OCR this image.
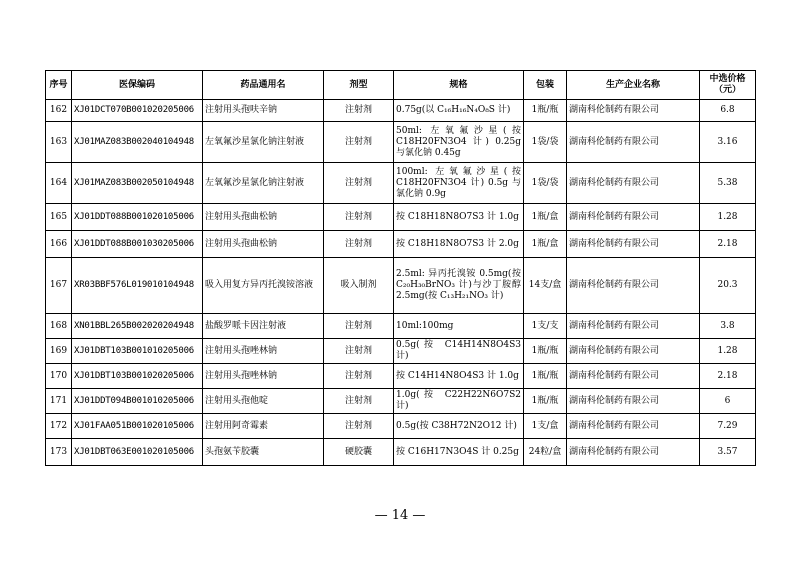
序号	医保编码	药品通用名	剂型	规格	包装	生产企业名称	中选价格（元）
162	XJ01DCT070B001020205006	注射用头孢呋辛钠	注射剂	0.75g(以 C₁₆H₁₆N₄O₈S 计)	1瓶/瓶	湖南科伦制药有限公司	6.8
163	XJ01MAZ083B002040104948	左氧氟沙星氯化钠注射液	注射剂	50ml: 左氧氟沙星(按C18H20FN3O4 计) 0.25g 与氯化钠 0.45g	1袋/袋	湖南科伦制药有限公司	3.16
164	XJ01MAZ083B002050104948	左氧氟沙星氯化钠注射液	注射剂	100ml: 左氧氟沙星(按C18H20FN3O4 计) 0.5g 与氯化钠 0.9g	1袋/袋	湖南科伦制药有限公司	5.38
165	XJ01DDT088B001020105006	注射用头孢曲松钠	注射剂	按 C18H18N8O7S3 计 1.0g	1瓶/盒	湖南科伦制药有限公司	1.28
166	XJ01DDT088B001030205006	注射用头孢曲松钠	注射剂	按 C18H18N8O7S3 计 2.0g	1瓶/盒	湖南科伦制药有限公司	2.18
167	XR03BBF576L019010104948	吸入用复方异丙托溴铵溶液	吸入制剂	2.5ml: 异丙托溴铵 0.5mg(按 C₂₀H₃₀BrNO₃ 计)与沙丁胺醇 2.5mg(按 C₁₃H₂₁NO₃ 计)	14支/盒	湖南科伦制药有限公司	20.3
168	XN01BBL265B002020204948	盐酸罗哌卡因注射液	注射剂	10ml:100mg	1支/支	湖南科伦制药有限公司	3.8
169	XJ01DBT103B001010205006	注射用头孢唑林钠	注射剂	0.5g(按 C14H14N8O4S3 计)	1瓶/瓶	湖南科伦制药有限公司	1.28
170	XJ01DBT103B001020205006	注射用头孢唑林钠	注射剂	按 C14H14N8O4S3 计 1.0g	1瓶/瓶	湖南科伦制药有限公司	2.18
171	XJ01DDT094B001010205006	注射用头孢他啶	注射剂	1.0g(按 C22H22N6O7S2 计)	1瓶/瓶	湖南科伦制药有限公司	6
172	XJ01FAA051B001020105006	注射用阿奇霉素	注射剂	0.5g(按 C38H72N2O12 计)	1支/盒	湖南科伦制药有限公司	7.29
173	XJ01DBT063E001020105006	头孢氨苄胶囊	硬胶囊	按 C16H17N3O4S 计 0.25g	24粒/盒	湖南科伦制药有限公司	3.57
— 14 —
